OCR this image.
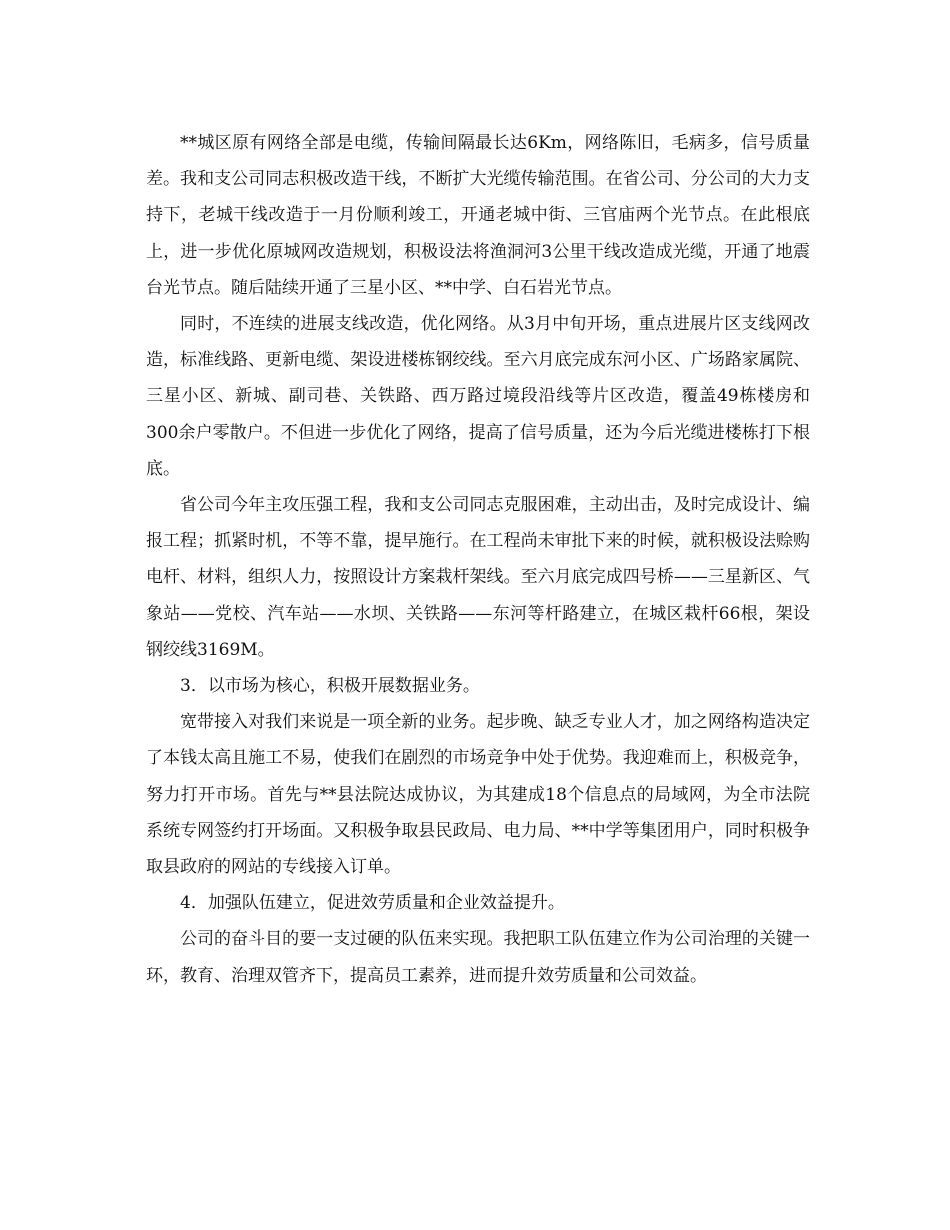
**城区原有网络全部是电缆，传输间隔最长达6Km，网络陈旧，毛病多，信号质量差。我和支公司同志积极改造干线，不断扩大光缆传输范围。在省公司、分公司的大力支持下，老城干线改造于一月份顺利竣工，开通老城中街、三官庙两个光节点。在此根底上，进一步优化原城网改造规划，积极设法将渔洞河3公里干线改造成光缆，开通了地震台光节点。随后陆续开通了三星小区、**中学、白石岩光节点。

同时，不连续的进展支线改造，优化网络。从3月中旬开场，重点进展片区支线网改造，标准线路、更新电缆、架设进楼栋钢绞线。至六月底完成东河小区、广场路家属院、三星小区、新城、副司巷、关铁路、西万路过境段沿线等片区改造，覆盖49栋楼房和300余户零散户。不但进一步优化了网络，提高了信号质量，还为今后光缆进楼栋打下根底。

省公司今年主攻压强工程，我和支公司同志克服困难，主动出击，及时完成设计、编报工程；抓紧时机，不等不靠，提早施行。在工程尚未审批下来的时候，就积极设法赊购电杆、材料，组织人力，按照设计方案栽杆架线。至六月底完成四号桥——三星新区、气象站——党校、汽车站——水坝、关铁路——东河等杆路建立，在城区栽杆66根，架设钢绞线3169M。

3．以市场为核心，积极开展数据业务。

宽带接入对我们来说是一项全新的业务。起步晚、缺乏专业人才，加之网络构造决定了本钱太高且施工不易，使我们在剧烈的市场竞争中处于优势。我迎难而上，积极竞争，努力打开市场。首先与**县法院达成协议，为其建成18个信息点的局域网，为全市法院系统专网签约打开场面。又积极争取县民政局、电力局、**中学等集团用户，同时积极争取县政府的网站的专线接入订单。

4．加强队伍建立，促进效劳质量和企业效益提升。

公司的奋斗目的要一支过硬的队伍来实现。我把职工队伍建立作为公司治理的关键一环，教育、治理双管齐下，提高员工素养，进而提升效劳质量和公司效益。
